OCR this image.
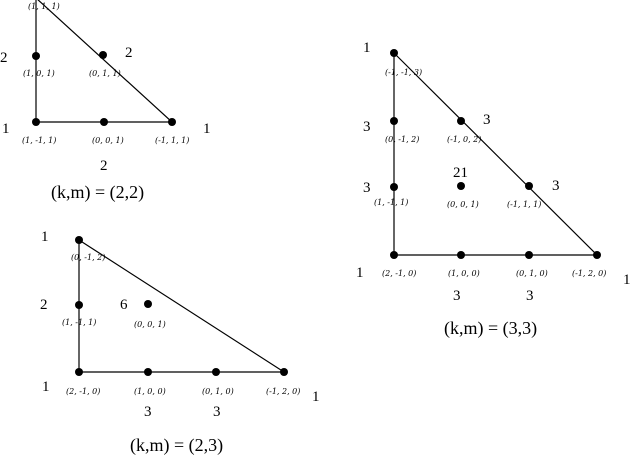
(1, 1, 1)
(1, 0, 1)	(0, 1, 1)
(1, -1, 1)	(0, 0, 1)	(-1, 1, 1)
2	2
1	1
2
(k,m) = (2,2)
(0, -1, 2)
(1, -1, 1)	(0, 0, 1)
(2, -1, 0)	(1, 0, 0)	(0, 1, 0)	(-1, 2, 0)
1
2	6
1
1
3	3
(k,m) = (2,3)
(-1, -1, 3)
(0, -1, 2)	(-1, 0, 2)
(1, -1, 1)	(0, 0, 1)	(-1, 1, 1)
(2, -1, 0)	(1, 0, 0)	(0, 1, 0)	(-1, 2, 0)
1
3	3
3
21
3
1	1
3	3
(k,m) = (3,3)
